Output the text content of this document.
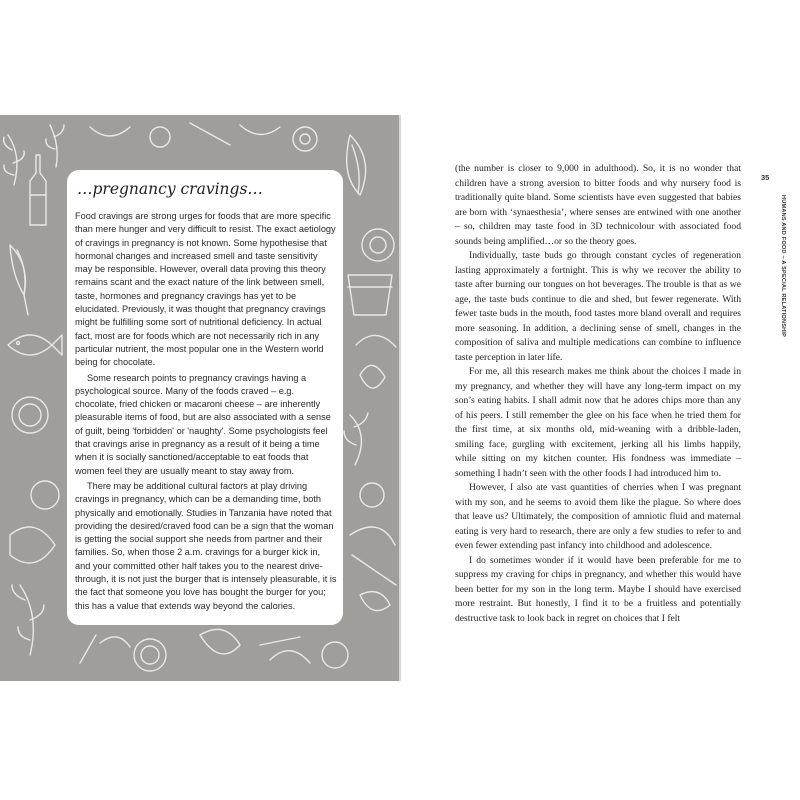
…pregnancy cravings…

Food cravings are strong urges for foods that are more specific than mere hunger and very difficult to resist. The exact aetiology of cravings in pregnancy is not known. Some hypothesise that hormonal changes and increased smell and taste sensitivity may be responsible. However, overall data proving this theory remains scant and the exact nature of the link between smell, taste, hormones and pregnancy cravings has yet to be elucidated. Previously, it was thought that pregnancy cravings might be fulfilling some sort of nutritional deficiency. In actual fact, most are for foods which are not necessarily rich in any particular nutrient, the most popular one in the Western world being for chocolate.

Some research points to pregnancy cravings having a psychological source. Many of the foods craved – e.g. chocolate, fried chicken or macaroni cheese – are inherently pleasurable items of food, but are also associated with a sense of guilt, being 'forbidden' or 'naughty'. Some psychologists feel that cravings arise in pregnancy as a result of it being a time when it is socially sanctioned/acceptable to eat foods that women feel they are usually meant to stay away from.

There may be additional cultural factors at play driving cravings in pregnancy, which can be a demanding time, both physically and emotionally. Studies in Tanzania have noted that providing the desired/craved food can be a sign that the woman is getting the social support she needs from partner and their families. So, when those 2 a.m. cravings for a burger kick in, and your committed other half takes you to the nearest drive-through, it is not just the burger that is intensely pleasurable, it is the fact that someone you love has bought the burger for you; this has a value that extends way beyond the calories.

35
HUMANS AND FOOD – A SPECIAL RELATIONSHIP

(the number is closer to 9,000 in adulthood). So, it is no wonder that children have a strong aversion to bitter foods and why nursery food is traditionally quite bland. Some scientists have even suggested that babies are born with ‘synaesthesia’, where senses are entwined with one another – so, children may taste food in 3D technicolour with associated food sounds being amplified…or so the theory goes.

Individually, taste buds go through constant cycles of regeneration lasting approximately a fortnight. This is why we recover the ability to taste after burning our tongues on hot beverages. The trouble is that as we age, the taste buds continue to die and shed, but fewer regenerate. With fewer taste buds in the mouth, food tastes more bland overall and requires more seasoning. In addition, a declining sense of smell, changes in the composition of saliva and multiple medications can combine to influence taste perception in later life.

For me, all this research makes me think about the choices I made in my pregnancy, and whether they will have any long-term impact on my son’s eating habits. I shall admit now that he adores chips more than any of his peers. I still remember the glee on his face when he tried them for the first time, at six months old, mid-weaning with a dribble-laden, smiling face, gurgling with excitement, jerking all his limbs happily, while sitting on my kitchen counter. His fondness was immediate – something I hadn’t seen with the other foods I had introduced him to.

However, I also ate vast quantities of cherries when I was pregnant with my son, and he seems to avoid them like the plague. So where does that leave us? Ultimately, the composition of amniotic fluid and maternal eating is very hard to research, there are only a few studies to refer to and even fewer extending past infancy into childhood and adolescence.

I do sometimes wonder if it would have been preferable for me to suppress my craving for chips in pregnancy, and whether this would have been better for my son in the long term. Maybe I should have exercised more restraint. But honestly, I find it to be a fruitless and potentially destructive task to look back in regret on choices that I felt
